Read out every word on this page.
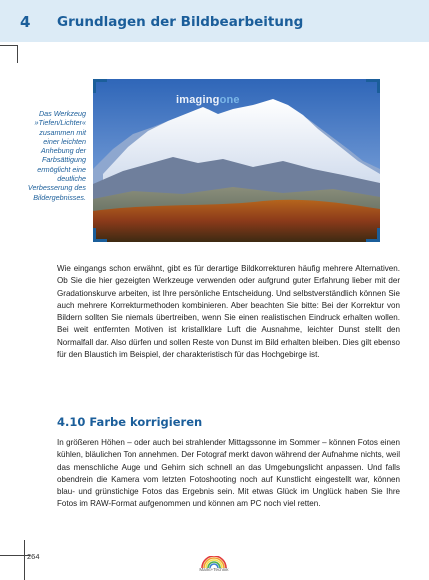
4 Grundlagen der Bildbearbeitung
Das Werkzeug »Tiefen/Lichter« zusammen mit einer leichten Anhebung der Farbsättigung ermöglicht eine deutliche Verbesserung des Bildergebnisses.
imagingone

Wie eingangs schon erwähnt, gibt es für derartige Bildkorrekturen häufig mehrere Alternativen. Ob Sie die hier gezeigten Werkzeuge verwenden oder aufgrund guter Erfahrung lieber mit der Gradationskurve arbeiten, ist Ihre persönliche Entscheidung. Und selbstverständlich können Sie auch mehrere Korrekturmethoden kombinieren. Aber beachten Sie bitte: Bei der Korrektur von Bildern sollten Sie niemals übertreiben, wenn Sie einen realistischen Eindruck erhalten wollen. Bei weit entfernten Motiven ist kristallklare Luft die Ausnahme, leichter Dunst stellt den Normalfall dar. Also dürfen und sollen Reste von Dunst im Bild erhalten bleiben. Dies gilt ebenso für den Blaustich im Beispiel, der charakteristisch für das Hochgebirge ist.

4.10 Farbe korrigieren

In größeren Höhen – oder auch bei strahlender Mittagssonne im Sommer – können Fotos einen kühlen, bläulichen Ton annehmen. Der Fotograf merkt davon während der Aufnahme nichts, weil das menschliche Auge und Gehirn sich schnell an das Umgebungslicht anpassen. Und falls obendrein die Kamera vom letzten Fotoshooting noch auf Kunstlicht eingestellt war, können blau- und grünstichige Fotos das Ergebnis sein. Mit etwas Glück im Unglück haben Sie Ihre Fotos im RAW-Format aufgenommen und können am PC noch viel retten.

264
Markt+Technik
